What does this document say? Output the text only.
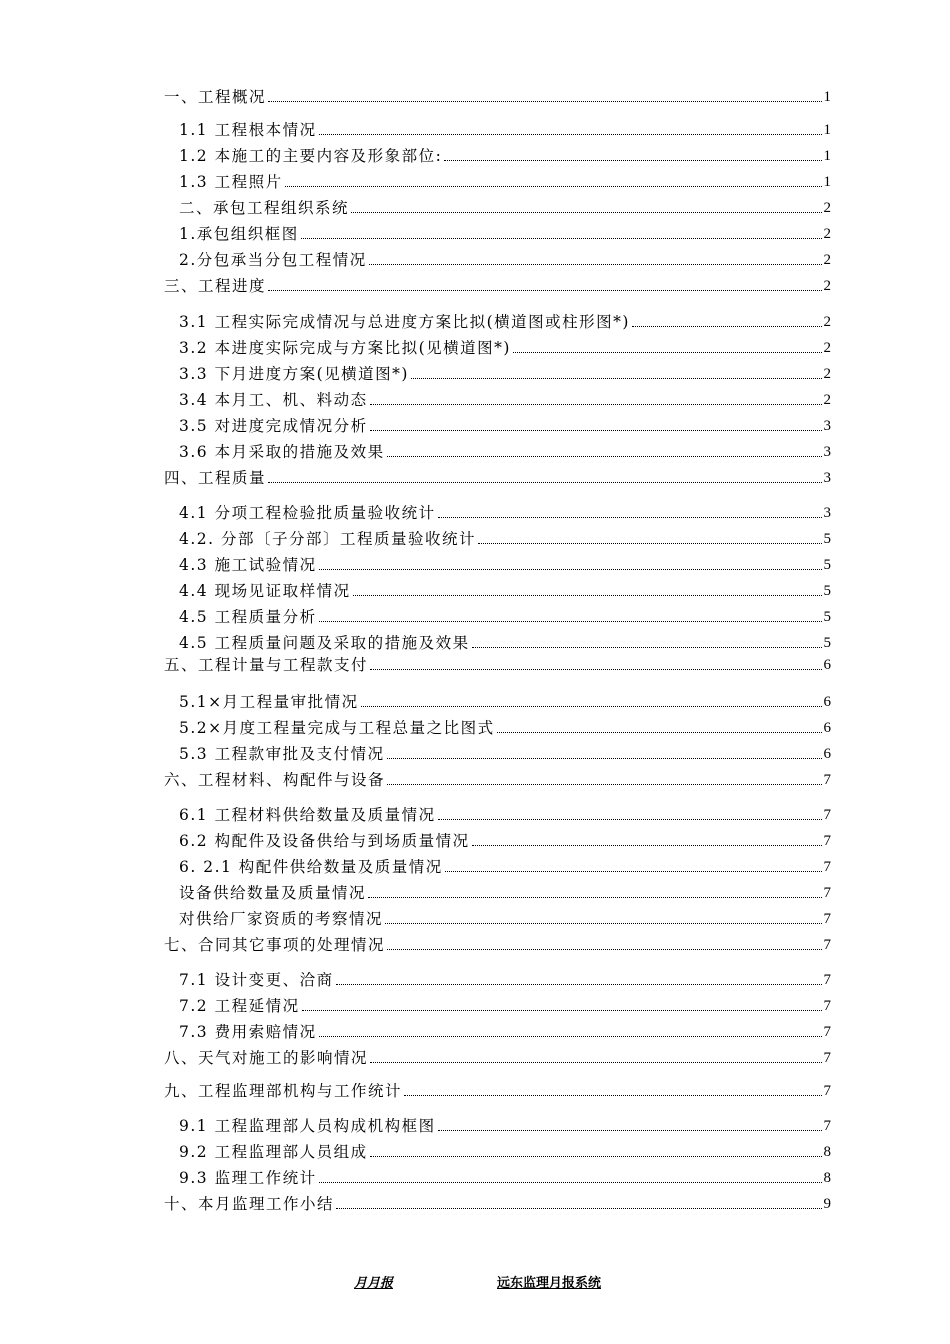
一、工程概况	1
1.1 工程根本情况	1
1.2 本施工的主要内容及形象部位:	1
1.3 工程照片	1
二、承包工程组织系统	2
1.承包组织框图	2
2.分包承当分包工程情况	2
三、工程进度	2
3.1 工程实际完成情况与总进度方案比拟(横道图或柱形图*)	2
3.2 本进度实际完成与方案比拟(见横道图*)	2
3.3 下月进度方案(见横道图*)	2
3.4 本月工、机、料动态	2
3.5 对进度完成情况分析	3
3.6 本月采取的措施及效果	3
四、工程质量	3
4.1 分项工程检验批质量验收统计	3
4.2. 分部〔子分部〕工程质量验收统计	5
4.3 施工试验情况	5
4.4 现场见证取样情况	5
4.5 工程质量分析	5
4.5 工程质量问题及采取的措施及效果	5
五、工程计量与工程款支付	6
5.1×月工程量审批情况	6
5.2×月度工程量完成与工程总量之比图式	6
5.3 工程款审批及支付情况	6
六、工程材料、构配件与设备	7
6.1 工程材料供给数量及质量情况	7
6.2 构配件及设备供给与到场质量情况	7
6. 2.1 构配件供给数量及质量情况	7
设备供给数量及质量情况	7
对供给厂家资质的考察情况	7
七、合同其它事项的处理情况	7
7.1 设计变更、洽商	7
7.2 工程延情况	7
7.3 费用索赔情况	7
八、天气对施工的影响情况	7
九、工程监理部机构与工作统计	7
9.1 工程监理部人员构成机构框图	7
9.2 工程监理部人员组成	8
9.3 监理工作统计	8
十、本月监理工作小结	9
月月报	远东监理月报系统
